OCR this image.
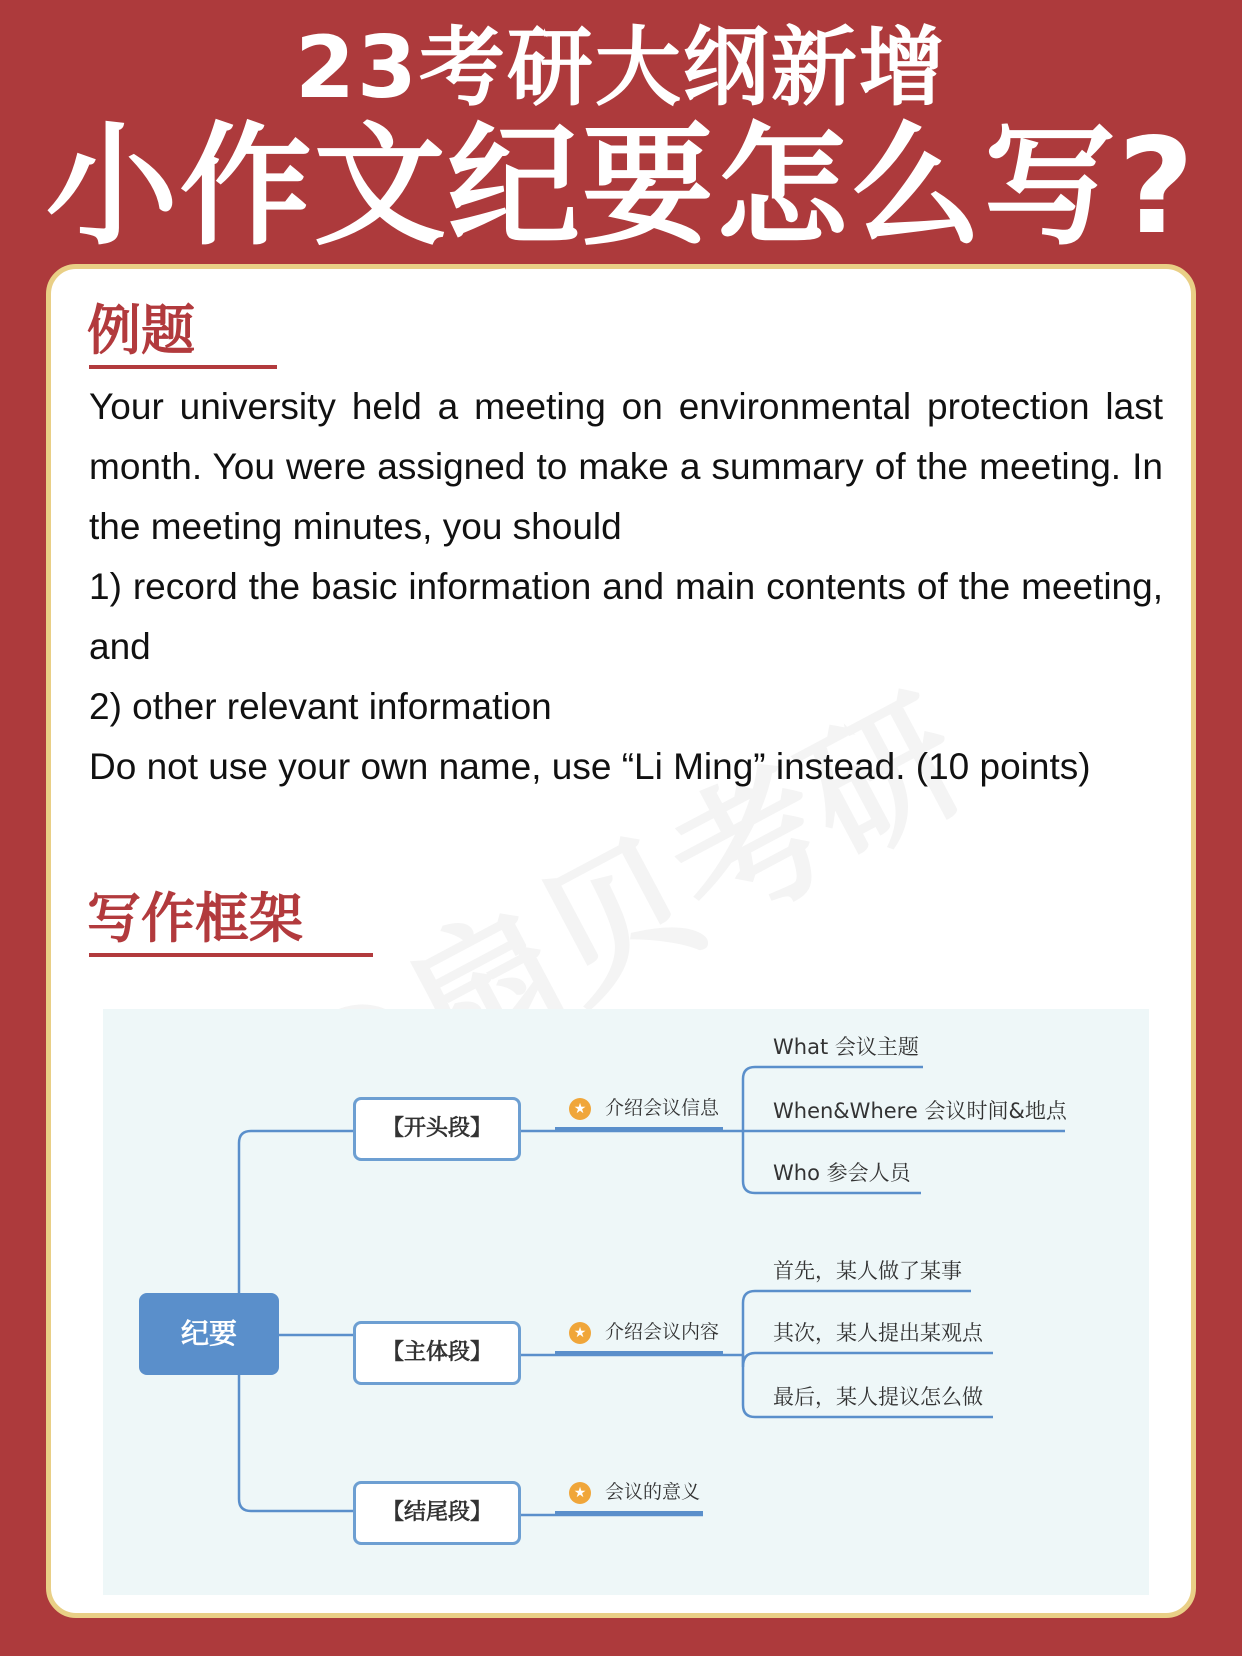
23考研大纲新增
小作文纪要怎么写?
例题

Your university held a meeting on environmental protection last month. You were assigned to make a summary of the meeting. In the meeting minutes, you should

1) record the basic information and main contents of the meeting, and

2) other relevant information

Do not use your own name, use “Li Ming” instead. (10 points)

写作框架
纪要
【开头段】
【主体段】
【结尾段】
★ 介绍会议信息
★ 介绍会议内容
★ 会议的意义
What 会议主题
When&Where 会议时间&地点
Who 参会人员
首先，某人做了某事
其次，某人提出某观点
最后，某人提议怎么做
